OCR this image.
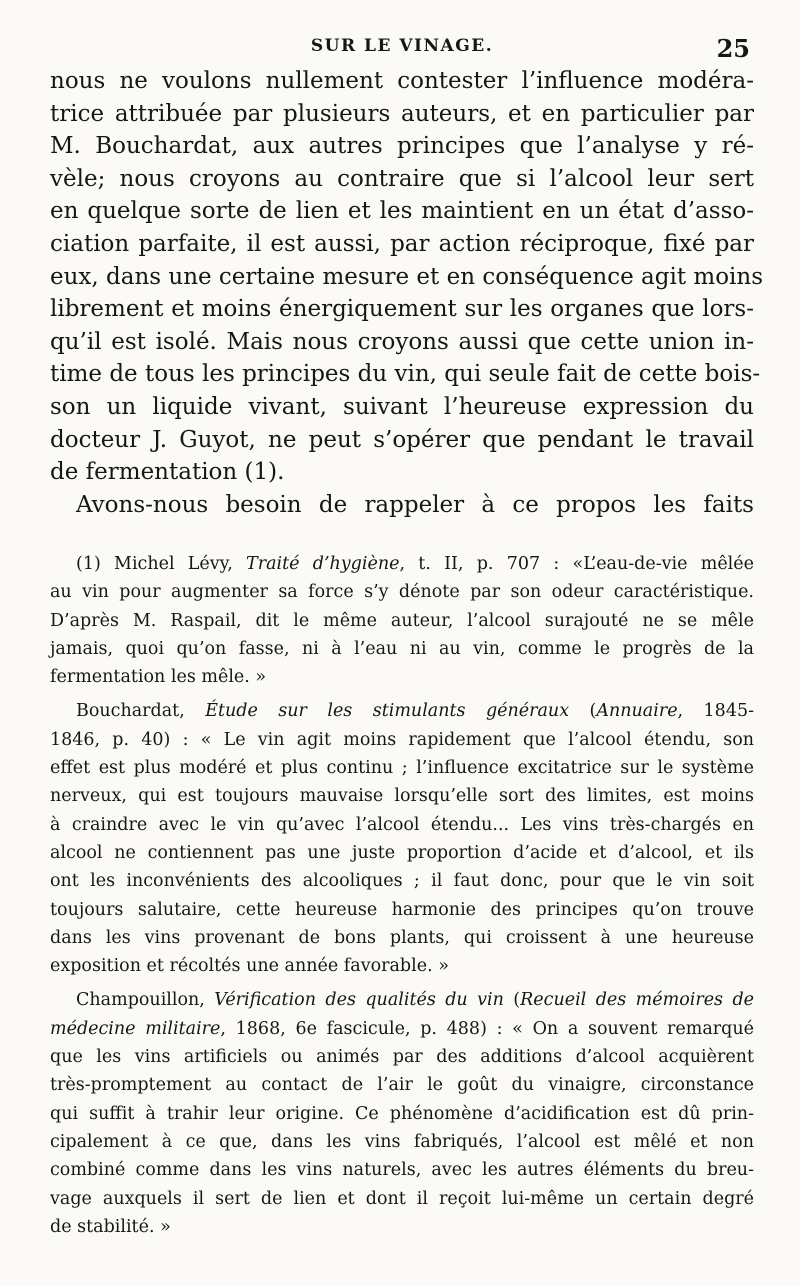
SUR LE VINAGE.	25
nous ne voulons nullement contester l’influence modéra-
trice attribuée par plusieurs auteurs, et en particulier par
M. Bouchardat, aux autres principes que l’analyse y ré-
vèle; nous croyons au contraire que si l’alcool leur sert
en quelque sorte de lien et les maintient en un état d’asso-
ciation parfaite, il est aussi, par action réciproque, fixé par
eux, dans une certaine mesure et en conséquence agit moins
librement et moins énergiquement sur les organes que lors-
qu’il est isolé. Mais nous croyons aussi que cette union in-
time de tous les principes du vin, qui seule fait de cette bois-
son un liquide vivant, suivant l’heureuse expression du
docteur J. Guyot, ne peut s’opérer que pendant le travail
de fermentation (1).
Avons-nous besoin de rappeler à ce propos les faits
(1) Michel Lévy, Traité d’hygiène, t. II, p. 707 : «L’eau-de-vie mêlée
au vin pour augmenter sa force s’y dénote par son odeur caractéristique.
D’après M. Raspail, dit le même auteur, l’alcool surajouté ne se mêle
jamais, quoi qu’on fasse, ni à l’eau ni au vin, comme le progrès de la
fermentation les mêle. »
Bouchardat, Étude sur les stimulants généraux (Annuaire, 1845-
1846, p. 40) : « Le vin agit moins rapidement que l’alcool étendu, son
effet est plus modéré et plus continu ; l’influence excitatrice sur le système
nerveux, qui est toujours mauvaise lorsqu’elle sort des limites, est moins
à craindre avec le vin qu’avec l’alcool étendu... Les vins très-chargés en
alcool ne contiennent pas une juste proportion d’acide et d’alcool, et ils
ont les inconvénients des alcooliques ; il faut donc, pour que le vin soit
toujours salutaire, cette heureuse harmonie des principes qu’on trouve
dans les vins provenant de bons plants, qui croissent à une heureuse
exposition et récoltés une année favorable. »
Champouillon, Vérification des qualités du vin (Recueil des mémoires de
médecine militaire, 1868, 6e fascicule, p. 488) : « On a souvent remarqué
que les vins artificiels ou animés par des additions d’alcool acquièrent
très-promptement au contact de l’air le goût du vinaigre, circonstance
qui suffit à trahir leur origine. Ce phénomène d’acidification est dû prin-
cipalement à ce que, dans les vins fabriqués, l’alcool est mêlé et non
combiné comme dans les vins naturels, avec les autres éléments du breu-
vage auxquels il sert de lien et dont il reçoit lui-même un certain degré
de stabilité. »
